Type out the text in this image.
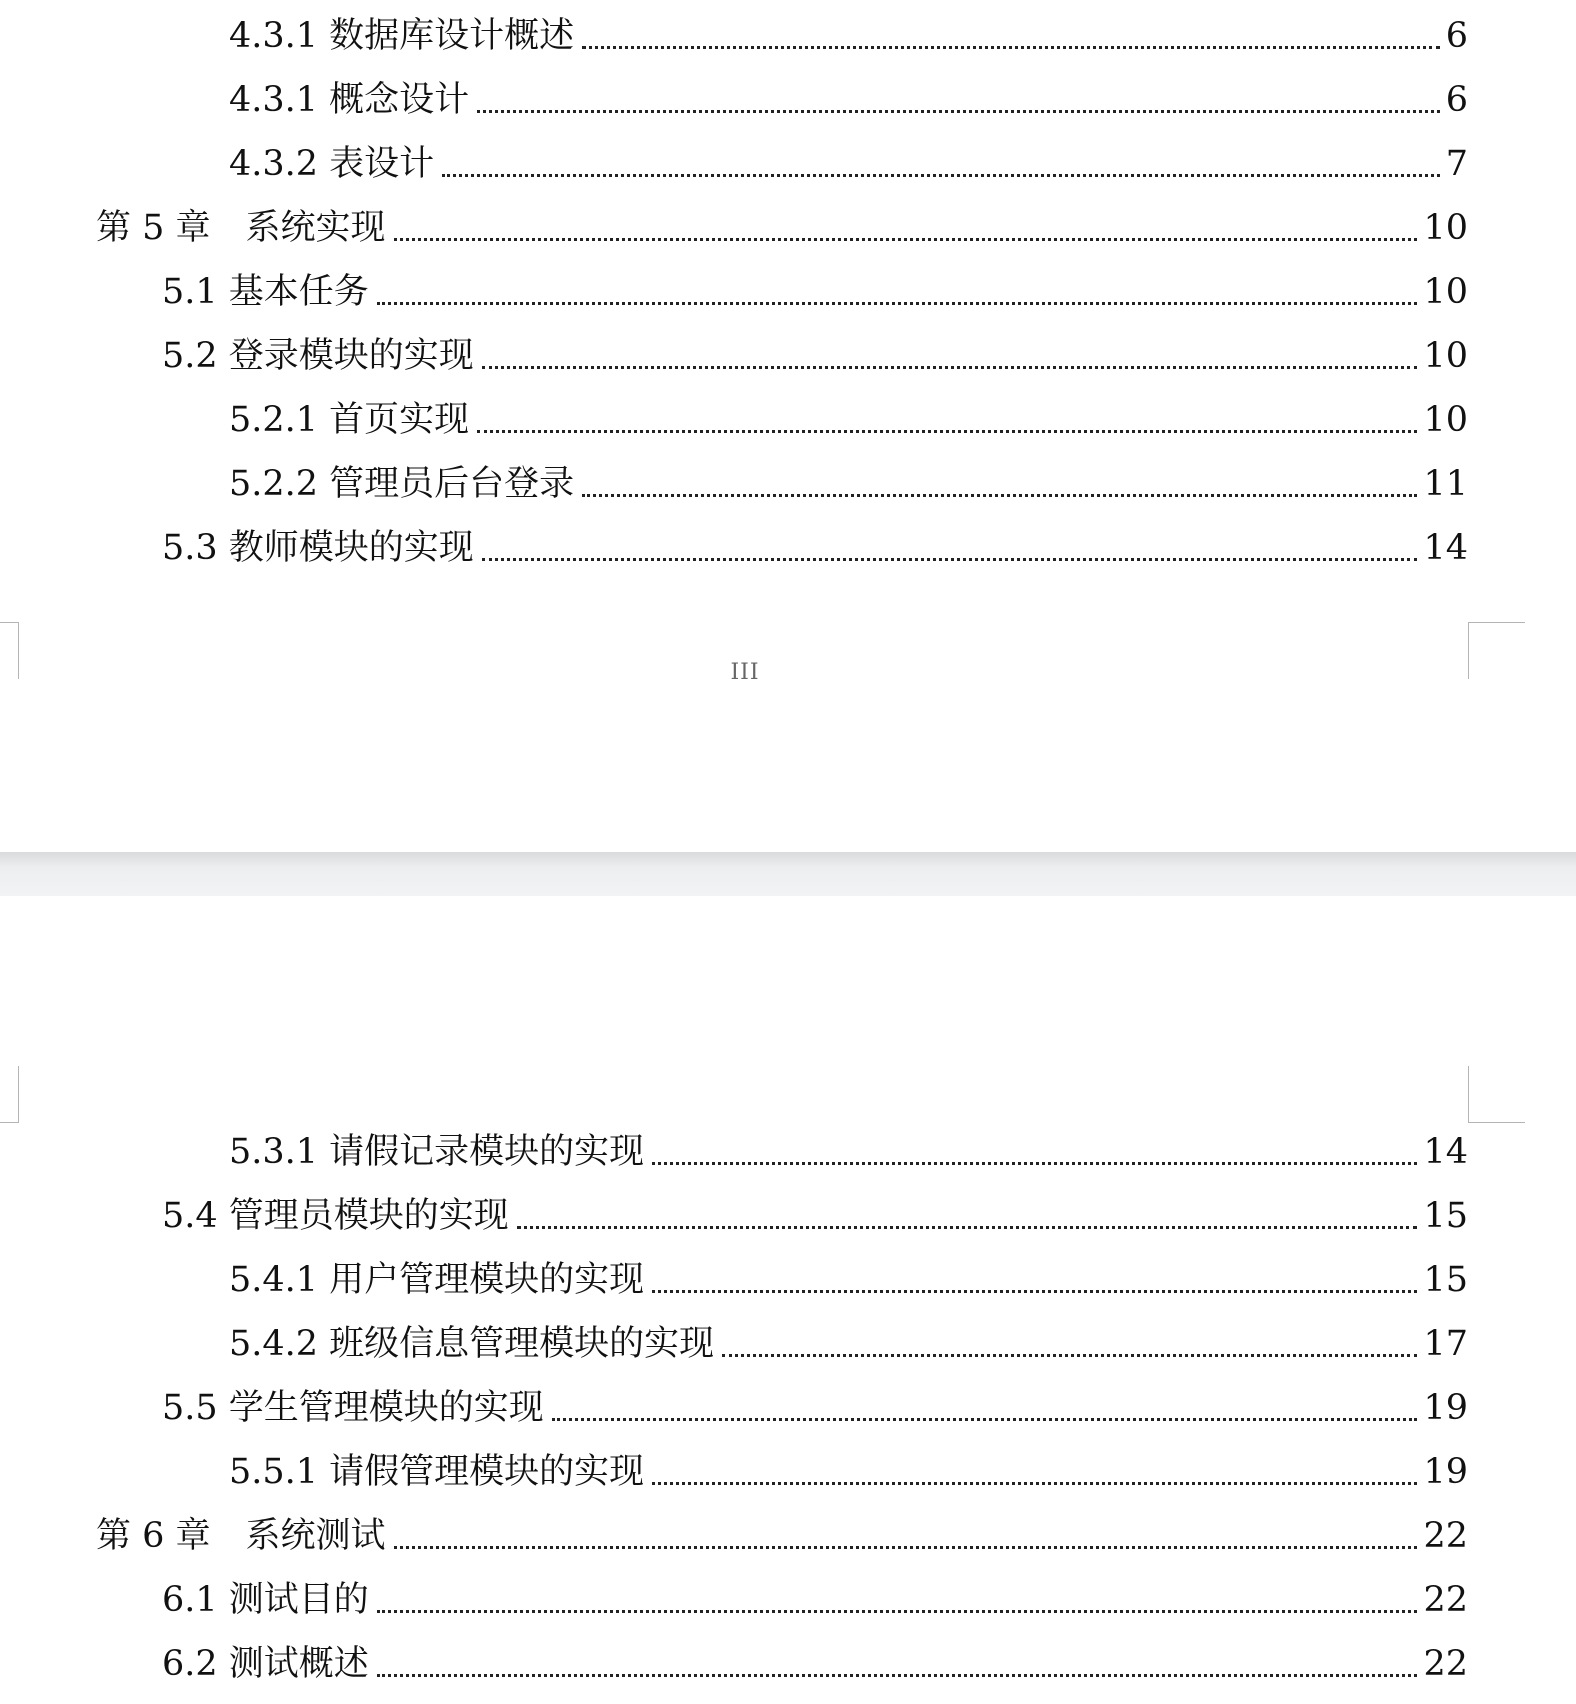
4.3.1 数据库设计概述	6
4.3.1 概念设计	6
4.3.2 表设计	7
第 5 章　系统实现	10
5.1 基本任务	10
5.2 登录模块的实现	10
5.2.1 首页实现	10
5.2.2 管理员后台登录	11
5.3 教师模块的实现	14
III
5.3.1 请假记录模块的实现	14
5.4 管理员模块的实现	15
5.4.1 用户管理模块的实现	15
5.4.2 班级信息管理模块的实现	17
5.5 学生管理模块的实现	19
5.5.1 请假管理模块的实现	19
第 6 章　系统测试	22
6.1 测试目的	22
6.2 测试概述	22
